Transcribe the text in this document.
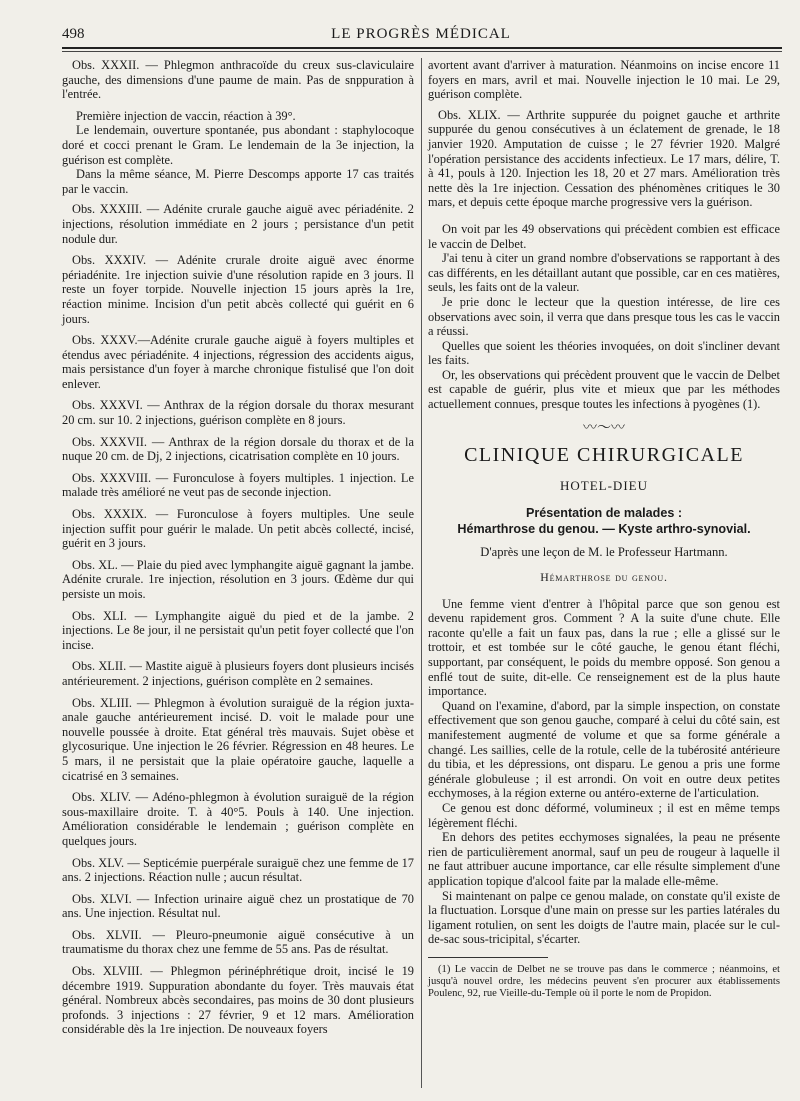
498	LE PROGRÈS MÉDICAL

Obs. XXXII. — Phlegmon anthracoïde du creux sus-claviculaire gauche, des dimensions d'une paume de main. Pas de snppuration à l'entrée.

Première injection de vaccin, réaction à 39°.

Le lendemain, ouverture spontanée, pus abondant : staphylocoque doré et cocci prenant le Gram. Le lendemain de la 3e injection, la guérison est complète.

Dans la même séance, M. Pierre Descomps apporte 17 cas traités par le vaccin.

Obs. XXXIII. — Adénite crurale gauche aiguë avec périadénite. 2 injections, résolution immédiate en 2 jours ; persistance d'un petit nodule dur.

Obs. XXXIV. — Adénite crurale droite aiguë avec énorme périadénite. 1re injection suivie d'une résolution rapide en 3 jours. Il reste un foyer torpide. Nouvelle injection 15 jours après la 1re, réaction minime. Incision d'un petit abcès collecté qui guérit en 6 jours.

Obs. XXXV.—Adénite crurale gauche aiguë à foyers multiples et étendus avec périadénite. 4 injections, régression des accidents aigus, mais persistance d'un foyer à marche chronique fistulisé que l'on doit enlever.

Obs. XXXVI. — Anthrax de la région dorsale du thorax mesurant 20 cm. sur 10. 2 injections, guérison complète en 8 jours.

Obs. XXXVII. — Anthrax de la région dorsale du thorax et de la nuque 20 cm. de Dj, 2 injections, cicatrisation complète en 10 jours.

Obs. XXXVIII. — Furonculose à foyers multiples. 1 injection. Le malade très amélioré ne veut pas de seconde injection.

Obs. XXXIX. — Furonculose à foyers multiples. Une seule injection suffit pour guérir le malade. Un petit abcès collecté, incisé, guérit en 3 jours.

Obs. XL. — Plaie du pied avec lymphangite aiguë gagnant la jambe. Adénite crurale. 1re injection, résolution en 3 jours. Œdème dur qui persiste un mois.

Obs. XLI. — Lymphangite aiguë du pied et de la jambe. 2 injections. Le 8e jour, il ne persistait qu'un petit foyer collecté que l'on incise.

Obs. XLII. — Mastite aiguë à plusieurs foyers dont plusieurs incisés antérieurement. 2 injections, guérison complète en 2 semaines.

Obs. XLIII. — Phlegmon à évolution suraiguë de la région juxta-anale gauche antérieurement incisé. D. voit le malade pour une nouvelle poussée à droite. Etat général très mauvais. Sujet obèse et glycosurique. Une injection le 26 février. Régression en 48 heures. Le 5 mars, il ne persistait que la plaie opératoire gauche, laquelle a cicatrisé en 3 semaines.

Obs. XLIV. — Adéno-phlegmon à évolution suraiguë de la région sous-maxillaire droite. T. à 40°5. Pouls à 140. Une injection. Amélioration considérable le lendemain ; guérison complète en quelques jours.

Obs. XLV. — Septicémie puerpérale suraiguë chez une femme de 17 ans. 2 injections. Réaction nulle ; aucun résultat.

Obs. XLVI. — Infection urinaire aiguë chez un prostatique de 70 ans. Une injection. Résultat nul.

Obs. XLVII. — Pleuro-pneumonie aiguë consécutive à un traumatisme du thorax chez une femme de 55 ans. Pas de résultat.

Obs. XLVIII. — Phlegmon périnéphrétique droit, incisé le 19 décembre 1919. Suppuration abondante du foyer. Très mauvais état général. Nombreux abcès secondaires, pas moins de 30 dont plusieurs profonds. 3 injections : 27 février, 9 et 12 mars. Amélioration considérable dès la 1re injection. De nouveaux foyers

avortent avant d'arriver à maturation. Néanmoins on incise encore 11 foyers en mars, avril et mai. Nouvelle injection le 10 mai. Le 29, guérison complète.

Obs. XLIX. — Arthrite suppurée du poignet gauche et arthrite suppurée du genou consécutives à un éclatement de grenade, le 18 janvier 1920. Amputation de cuisse ; le 27 février 1920. Malgré l'opération persistance des accidents infectieux. Le 17 mars, délire, T. à 41, pouls à 120. Injection les 18, 20 et 27 mars. Amélioration très nette dès la 1re injection. Cessation des phénomènes critiques le 30 mars, et depuis cette époque marche progressive vers la guérison.

On voit par les 49 observations qui précèdent combien est efficace le vaccin de Delbet.

J'ai tenu à citer un grand nombre d'observations se rapportant à des cas différents, en les détaillant autant que possible, car en ces matières, seuls, les faits ont de la valeur.

Je prie donc le lecteur que la question intéresse, de lire ces observations avec soin, il verra que dans presque tous les cas le vaccin a réussi.

Quelles que soient les théories invoquées, on doit s'incliner devant les faits.

Or, les observations qui précèdent prouvent que le vaccin de Delbet est capable de guérir, plus vite et mieux que par les méthodes actuellement connues, presque toutes les infections à pyogènes (1).

〰〜〰
CLINIQUE CHIRURGICALE
HOTEL-DIEU
Présentation de malades :
Hémarthrose du genou. — Kyste arthro-synovial.
D'après une leçon de M. le Professeur Hartmann.
Hémarthrose du genou.

Une femme vient d'entrer à l'hôpital parce que son genou est devenu rapidement gros. Comment ? A la suite d'une chute. Elle raconte qu'elle a fait un faux pas, dans la rue ; elle a glissé sur le trottoir, et est tombée sur le côté gauche, le genou étant fléchi, supportant, par conséquent, le poids du membre opposé. Son genou a enflé tout de suite, dit-elle. Ce renseignement est de la plus haute importance.

Quand on l'examine, d'abord, par la simple inspection, on constate effectivement que son genou gauche, comparé à celui du côté sain, est manifestement augmenté de volume et que sa forme générale a changé. Les saillies, celle de la rotule, celle de la tubérosité antérieure du tibia, et les dépressions, ont disparu. Le genou a pris une forme générale globuleuse ; il est arrondi. On voit en outre deux petites ecchymoses, à la région externe ou antéro-externe de l'articulation.

Ce genou est donc déformé, volumineux ; il est en même temps légèrement fléchi.

En dehors des petites ecchymoses signalées, la peau ne présente rien de particulièrement anormal, sauf un peu de rougeur à laquelle il ne faut attribuer aucune importance, car elle résulte simplement d'une application topique d'alcool faite par la malade elle-même.

Si maintenant on palpe ce genou malade, on constate qu'il existe de la fluctuation. Lorsque d'une main on presse sur les parties latérales du ligament rotulien, on sent les doigts de l'autre main, placée sur le cul-de-sac sous-tricipital, s'écarter.

(1) Le vaccin de Delbet ne se trouve pas dans le commerce ; néanmoins, et jusqu'à nouvel ordre, les médecins peuvent s'en procurer aux établissements Poulenc, 92, rue Vieille-du-Temple où il porte le nom de Propidon.
